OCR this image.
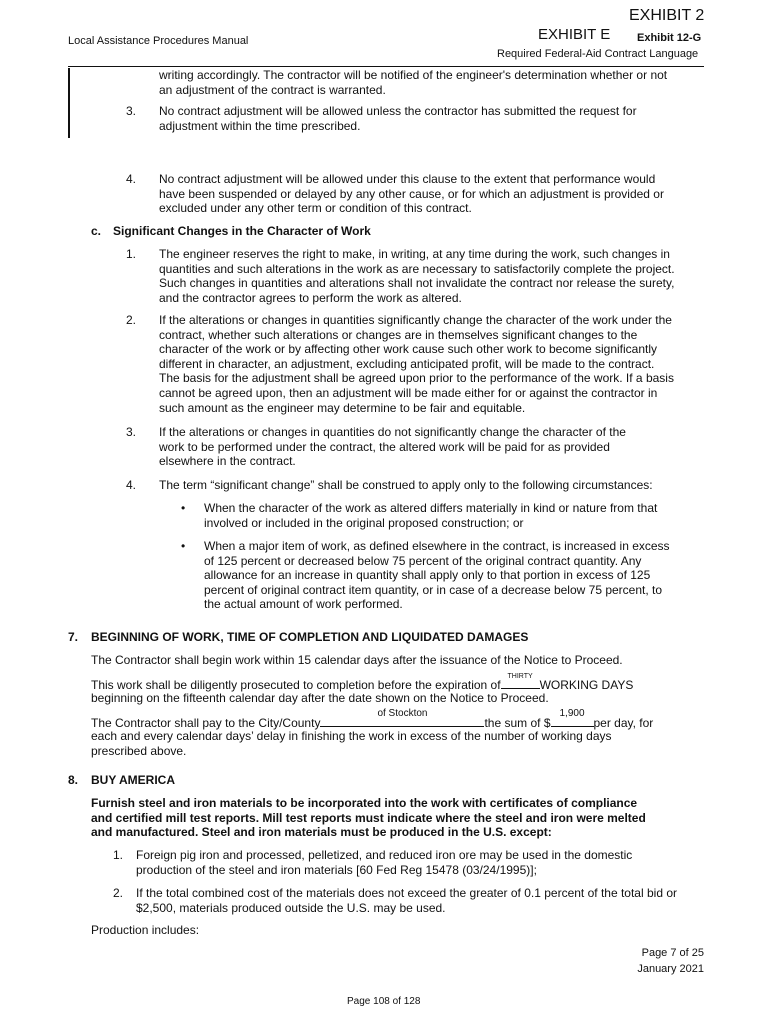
EXHIBIT 2
Local Assistance Procedures Manual	EXHIBIT E Exhibit 12-G
Required Federal-Aid Contract Language
writing accordingly. The contractor will be notified of the engineer's determination whether or not
an adjustment of the contract is warranted.
3. No contract adjustment will be allowed unless the contractor has submitted the request for
adjustment within the time prescribed.
4. No contract adjustment will be allowed under this clause to the extent that performance would
have been suspended or delayed by any other cause, or for which an adjustment is provided or
excluded under any other term or condition of this contract.
c. Significant Changes in the Character of Work
1. The engineer reserves the right to make, in writing, at any time during the work, such changes in
quantities and such alterations in the work as are necessary to satisfactorily complete the project.
Such changes in quantities and alterations shall not invalidate the contract nor release the surety,
and the contractor agrees to perform the work as altered.
2. If the alterations or changes in quantities significantly change the character of the work under the
contract, whether such alterations or changes are in themselves significant changes to the
character of the work or by affecting other work cause such other work to become significantly
different in character, an adjustment, excluding anticipated profit, will be made to the contract.
The basis for the adjustment shall be agreed upon prior to the performance of the work. If a basis
cannot be agreed upon, then an adjustment will be made either for or against the contractor in
such amount as the engineer may determine to be fair and equitable.
3. If the alterations or changes in quantities do not significantly change the character of the
work to be performed under the contract, the altered work will be paid for as provided
elsewhere in the contract.
4. The term “significant change” shall be construed to apply only to the following circumstances:
• When the character of the work as altered differs materially in kind or nature from that
involved or included in the original proposed construction; or
• When a major item of work, as defined elsewhere in the contract, is increased in excess
of 125 percent or decreased below 75 percent of the original contract quantity. Any
allowance for an increase in quantity shall apply only to that portion in excess of 125
percent of original contract item quantity, or in case of a decrease below 75 percent, to
the actual amount of work performed.
7. BEGINNING OF WORK, TIME OF COMPLETION AND LIQUIDATED DAMAGES
The Contractor shall begin work within 15 calendar days after the issuance of the Notice to Proceed.
This work shall be diligently prosecuted to completion before the expiration of
THIRTY
WORKING DAYS
beginning on the fifteenth calendar day after the date shown on the Notice to Proceed.
The Contractor shall pay to the City/County
of Stockton
the sum of $
1,900
per day, for
each and every calendar days’ delay in finishing the work in excess of the number of working days
prescribed above.
8. BUY AMERICA
Furnish steel and iron materials to be incorporated into the work with certificates of compliance
and certified mill test reports. Mill test reports must indicate where the steel and iron were melted
and manufactured. Steel and iron materials must be produced in the U.S. except:
1. Foreign pig iron and processed, pelletized, and reduced iron ore may be used in the domestic
production of the steel and iron materials [60 Fed Reg 15478 (03/24/1995)];
2. If the total combined cost of the materials does not exceed the greater of 0.1 percent of the total bid or
$2,500, materials produced outside the U.S. may be used.
Production includes:
Page 7 of 25
January 2021
Page 108 of 128
